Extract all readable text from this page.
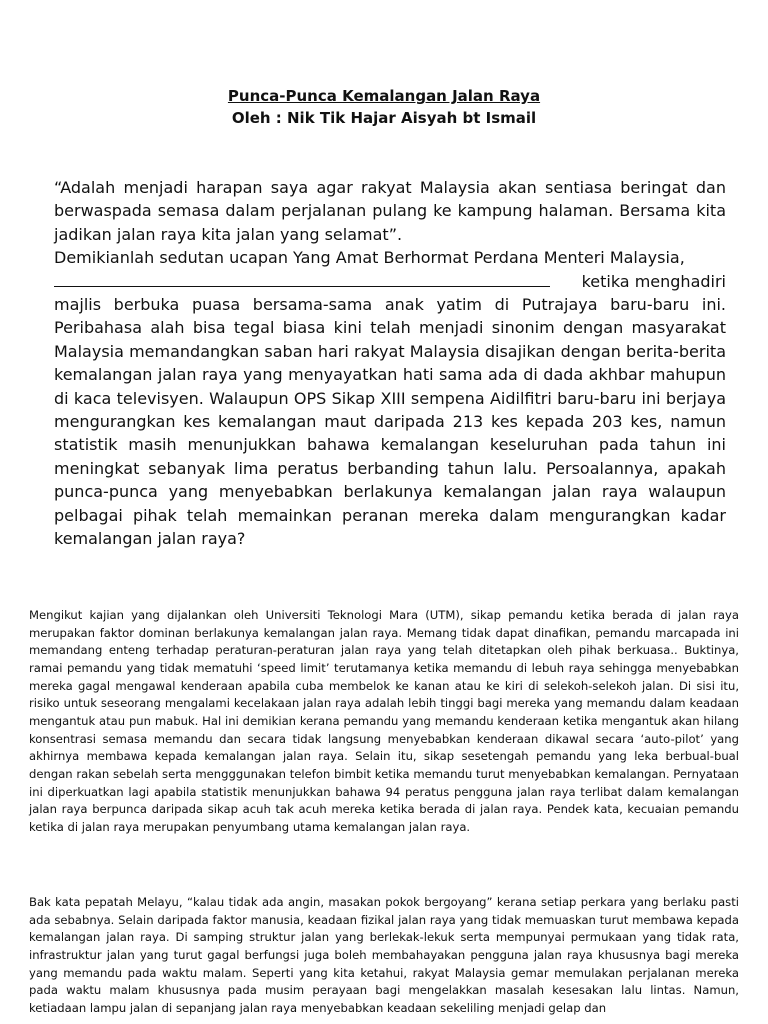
Punca-Punca Kemalangan Jalan Raya
Oleh : Nik Tik Hajar Aisyah bt Ismail
“Adalah menjadi harapan saya agar rakyat Malaysia akan sentiasa beringat dan berwaspada semasa dalam perjalanan pulang ke kampung halaman. Bersama kita jadikan jalan raya kita jalan yang selamat”.
Demikianlah sedutan ucapan Yang Amat Berhormat Perdana Menteri Malaysia,
ketika menghadiri
majlis berbuka puasa bersama-sama anak yatim di Putrajaya baru-baru ini. Peribahasa alah bisa tegal biasa kini telah menjadi sinonim dengan masyarakat Malaysia memandangkan saban hari rakyat Malaysia disajikan dengan berita-berita kemalangan jalan raya yang menyayatkan hati sama ada di dada akhbar mahupun di kaca televisyen. Walaupun OPS Sikap XIII sempena Aidilfitri baru-baru ini berjaya mengurangkan kes kemalangan maut daripada 213 kes kepada 203 kes, namun statistik masih menunjukkan bahawa kemalangan keseluruhan pada tahun ini meningkat sebanyak lima peratus berbanding tahun lalu. Persoalannya, apakah punca-punca yang menyebabkan berlakunya kemalangan jalan raya walaupun pelbagai pihak telah memainkan peranan mereka dalam mengurangkan kadar kemalangan jalan raya?

Mengikut kajian yang dijalankan oleh Universiti Teknologi Mara (UTM), sikap pemandu ketika berada di jalan raya merupakan faktor dominan berlakunya kemalangan jalan raya. Memang tidak dapat dinafikan, pemandu marcapada ini memandang enteng terhadap peraturan-peraturan jalan raya yang telah ditetapkan oleh pihak berkuasa.. Buktinya, ramai pemandu yang tidak mematuhi ‘speed limit’ terutamanya ketika memandu di lebuh raya sehingga menyebabkan mereka gagal mengawal kenderaan apabila cuba membelok ke kanan atau ke kiri di selekoh-selekoh jalan. Di sisi itu, risiko untuk seseorang mengalami kecelakaan jalan raya adalah lebih tinggi bagi mereka yang memandu dalam keadaan mengantuk atau pun mabuk. Hal ini demikian kerana pemandu yang memandu kenderaan ketika mengantuk akan hilang konsentrasi semasa memandu dan secara tidak langsung menyebabkan kenderaan dikawal secara ‘auto-pilot’ yang akhirnya membawa kepada kemalangan jalan raya. Selain itu, sikap sesetengah pemandu yang leka berbual-bual dengan rakan sebelah serta mengggunakan telefon bimbit ketika memandu turut menyebabkan kemalangan. Pernyataan ini diperkuatkan lagi apabila statistik menunjukkan bahawa 94 peratus pengguna jalan raya terlibat dalam kemalangan jalan raya berpunca daripada sikap acuh tak acuh mereka ketika berada di jalan raya. Pendek kata, kecuaian pemandu ketika di jalan raya merupakan penyumbang utama kemalangan jalan raya.

Bak kata pepatah Melayu, “kalau tidak ada angin, masakan pokok bergoyang” kerana setiap perkara yang berlaku pasti ada sebabnya. Selain daripada faktor manusia, keadaan fizikal jalan raya yang tidak memuaskan turut membawa kepada kemalangan jalan raya. Di samping struktur jalan yang berlekak-lekuk serta mempunyai permukaan yang tidak rata, infrastruktur jalan yang turut gagal berfungsi juga boleh membahayakan pengguna jalan raya khususnya bagi mereka yang memandu pada waktu malam. Seperti yang kita ketahui, rakyat Malaysia gemar memulakan perjalanan mereka pada waktu malam khususnya pada musim perayaan bagi mengelakkan masalah kesesakan lalu lintas. Namun, ketiadaan lampu jalan di sepanjang jalan raya menyebabkan keadaan sekeliling menjadi gelap dan
